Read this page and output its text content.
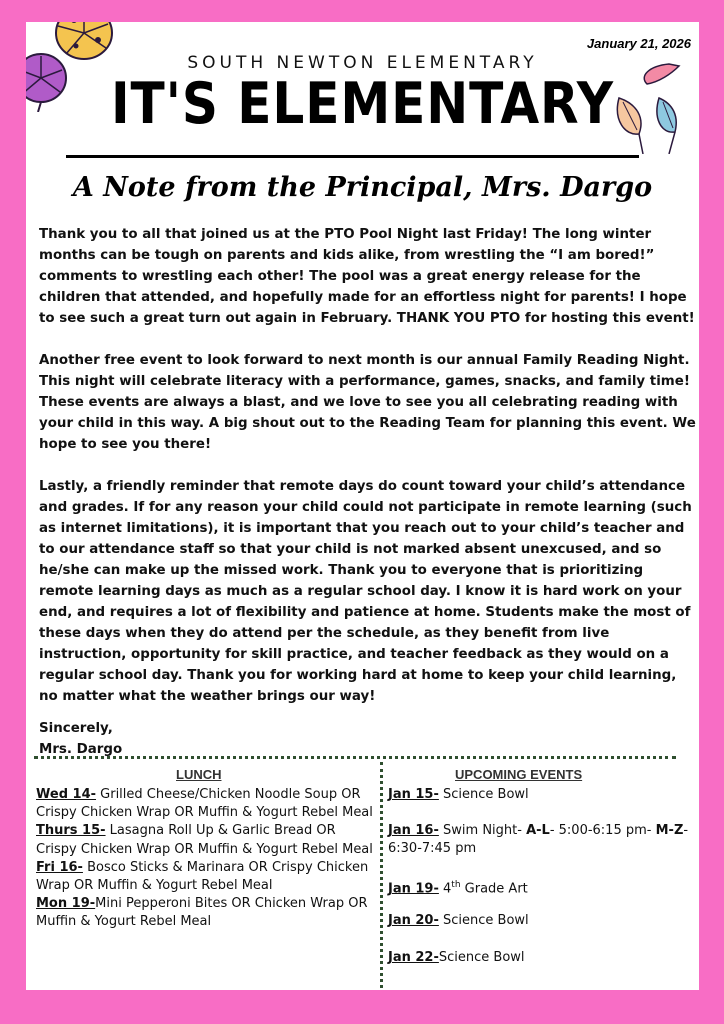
January 21, 2026
SOUTH NEWTON ELEMENTARY
IT'S ELEMENTARY
A Note from the Principal, Mrs. Dargo

Thank you to all that joined us at the PTO Pool Night last Friday! The long winter months can be tough on parents and kids alike, from wrestling the “I am bored!” comments to wrestling each other! The pool was a great energy release for the children that attended, and hopefully made for an effortless night for parents! I hope to see such a great turn out again in February. THANK YOU PTO for hosting this event!

Another free event to look forward to next month is our annual Family Reading Night. This night will celebrate literacy with a performance, games, snacks, and family time! These events are always a blast, and we love to see you all celebrating reading with your child in this way. A big shout out to the Reading Team for planning this event. We hope to see you there!

Lastly, a friendly reminder that remote days do count toward your child’s attendance and grades. If for any reason your child could not participate in remote learning (such as internet limitations), it is important that you reach out to your child’s teacher and to our attendance staff so that your child is not marked absent unexcused, and so he/she can make up the missed work. Thank you to everyone that is prioritizing remote learning days as much as a regular school day. I know it is hard work on your end, and requires a lot of flexibility and patience at home. Students make the most of these days when they do attend per the schedule, as they benefit from live instruction, opportunity for skill practice, and teacher feedback as they would on a regular school day. Thank you for working hard at home to keep your child learning, no matter what the weather brings our way!

Sincerely,
Mrs. Dargo
LUNCH	UPCOMING EVENTS
Wed 14- Grilled Cheese/Chicken Noodle Soup OR Crispy Chicken Wrap OR Muffin & Yogurt Rebel Meal
Thurs 15- Lasagna Roll Up & Garlic Bread OR Crispy Chicken Wrap OR Muffin & Yogurt Rebel Meal
Fri 16- Bosco Sticks & Marinara OR Crispy Chicken Wrap OR Muffin & Yogurt Rebel Meal
Mon 19-Mini Pepperoni Bites OR Chicken Wrap OR Muffin & Yogurt Rebel Meal
Jan 15- Science Bowl
Jan 16- Swim Night- A-L- 5:00-6:15 pm- M-Z- 6:30-7:45 pm
Jan 19- 4th Grade Art
Jan 20- Science Bowl
Jan 22-Science Bowl
